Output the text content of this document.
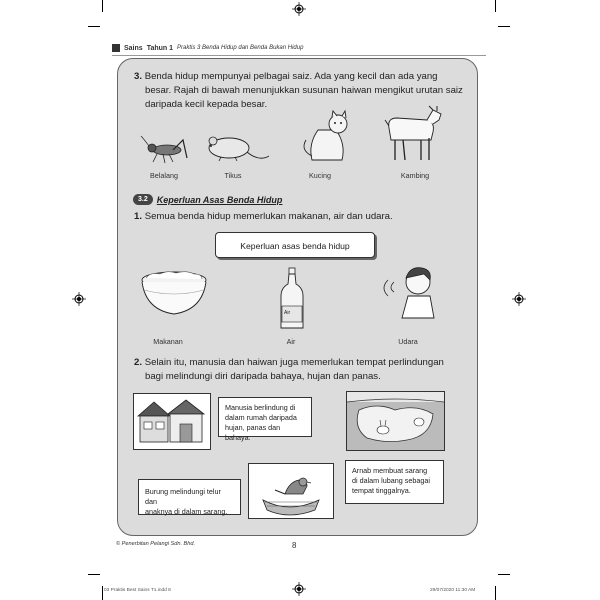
Sains Tahun 1 Praktis 3 Benda Hidup dan Benda Bukan Hidup
3. Benda hidup mempunyai pelbagai saiz. Ada yang kecil dan ada yang
besar. Rajah di bawah menunjukkan susunan haiwan mengikut urutan saiz
daripada kecil kepada besar.
Belalang	Tikus	Kucing	Kambing
3.2	Keperluan Asas Benda Hidup
1. Semua benda hidup memerlukan makanan, air dan udara.
Keperluan asas benda hidup
Air
Makanan	Air	Udara
2. Selain itu, manusia dan haiwan juga memerlukan tempat perlindungan
bagi melindungi diri daripada bahaya, hujan dan panas.
Manusia berlindung di
dalam rumah daripada
hujan, panas dan bahaya.
Burung melindungi telur dan
anaknya di dalam sarang.
Arnab membuat sarang
di dalam lubang sebagai
tempat tinggalnya.
© Penerbitan Pelangi Sdn. Bhd.	8
03 Praktis Best Sains T1.indd 8	29/07/2020 11:30 AM
